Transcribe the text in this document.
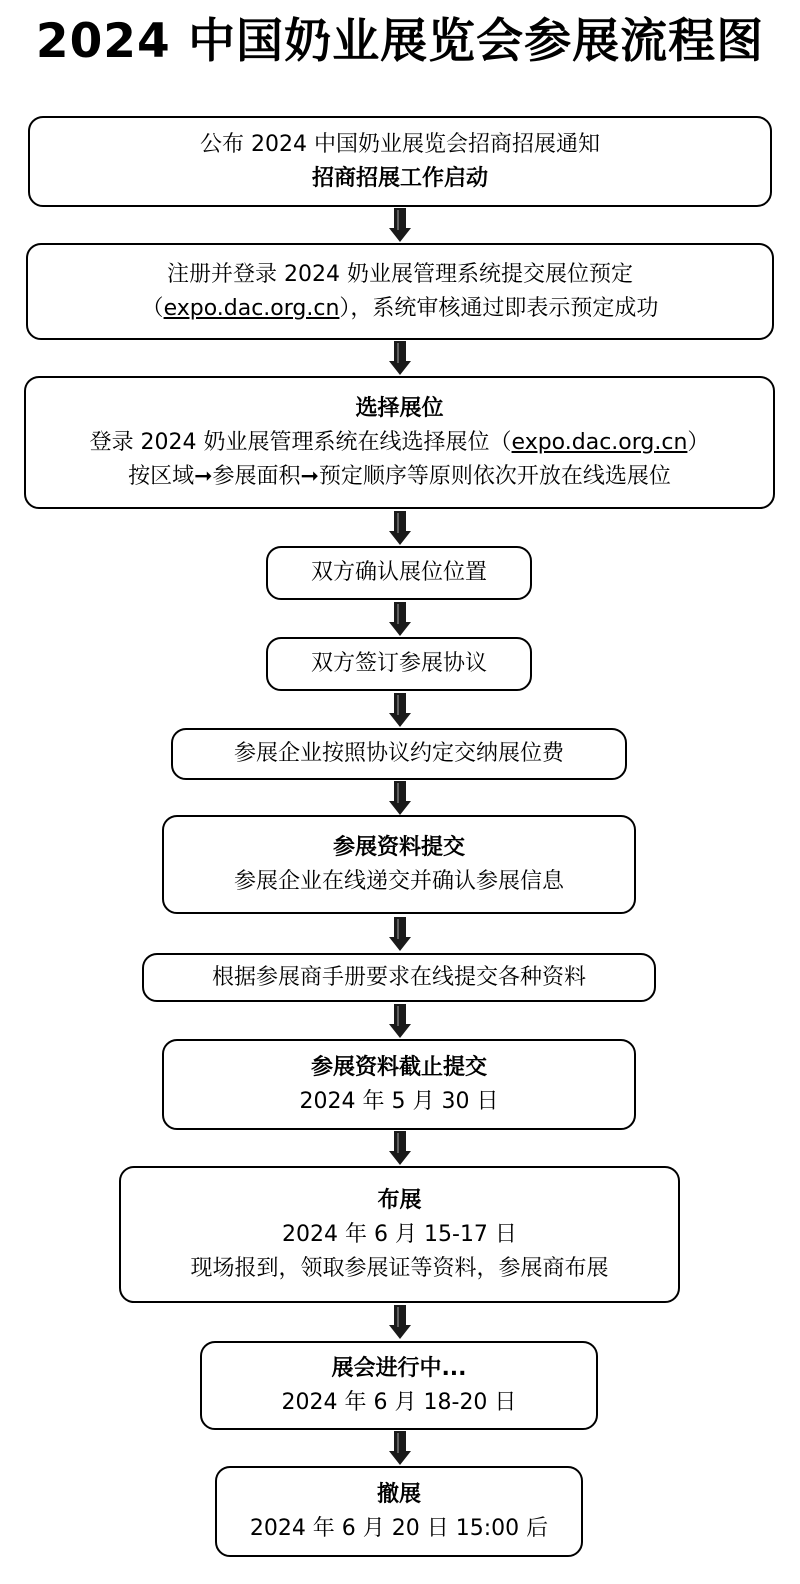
2024 中国奶业展览会参展流程图
公布 2024 中国奶业展览会招商招展通知
招商招展工作启动
注册并登录 2024 奶业展管理系统提交展位预定
（expo.dac.org.cn），系统审核通过即表示预定成功
选择展位
登录 2024 奶业展管理系统在线选择展位（expo.dac.org.cn）
按区域➞参展面积➞预定顺序等原则依次开放在线选展位
双方确认展位位置
双方签订参展协议
参展企业按照协议约定交纳展位费
参展资料提交
参展企业在线递交并确认参展信息
根据参展商手册要求在线提交各种资料
参展资料截止提交
2024 年 5 月 30 日
布展
2024 年 6 月 15-17 日
现场报到，领取参展证等资料，参展商布展
展会进行中...
2024 年 6 月 18-20 日
撤展
2024 年 6 月 20 日 15:00 后
